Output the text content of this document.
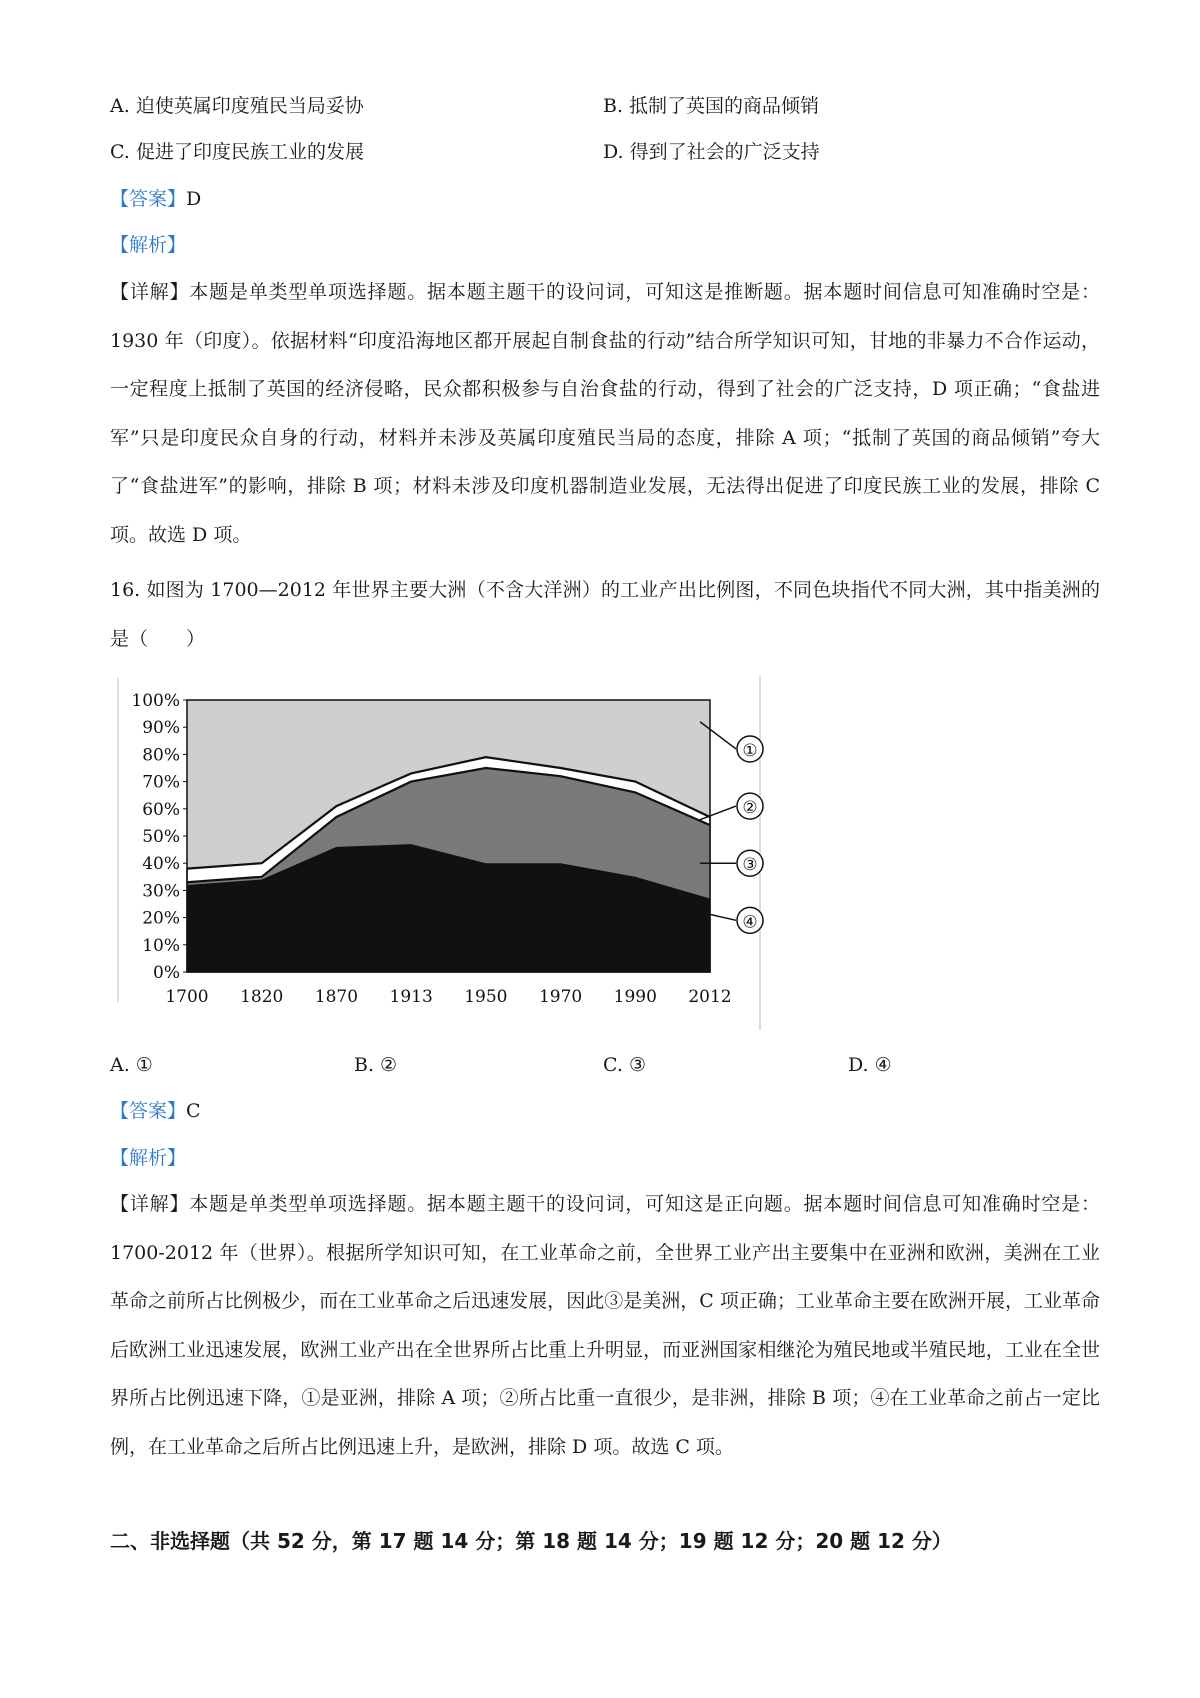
A. 迫使英属印度殖民当局妥协	B. 抵制了英国的商品倾销
C. 促进了印度民族工业的发展	D. 得到了社会的广泛支持
【答案】D
【解析】
【详解】本题是单类型单项选择题。据本题主题干的设问词，可知这是推断题。据本题时间信息可知准确时空是：1930 年（印度）。依据材料“印度沿海地区都开展起自制食盐的行动”结合所学知识可知，甘地的非暴力不合作运动，一定程度上抵制了英国的经济侵略，民众都积极参与自治食盐的行动，得到了社会的广泛支持，D 项正确；“食盐进军”只是印度民众自身的行动，材料并未涉及英属印度殖民当局的态度，排除 A 项；“抵制了英国的商品倾销”夸大了“食盐进军”的影响，排除 B 项；材料未涉及印度机器制造业发展，无法得出促进了印度民族工业的发展，排除 C 项。故选 D 项。
16. 如图为 1700—2012 年世界主要大洲（不含大洋洲）的工业产出比例图，不同色块指代不同大洲，其中指美洲的是（　　）
0%
10%
20%
30%
40%
50%
60%
70%
80%
90%
100%
1700 1820 1870 1913 1950 1970 1990 2012
①
②
③
④
A. ①	B. ②	C. ③	D. ④
【答案】C
【解析】
【详解】本题是单类型单项选择题。据本题主题干的设问词，可知这是正向题。据本题时间信息可知准确时空是：1700-2012 年（世界）。根据所学知识可知，在工业革命之前，全世界工业产出主要集中在亚洲和欧洲，美洲在工业革命之前所占比例极少，而在工业革命之后迅速发展，因此③是美洲，C 项正确；工业革命主要在欧洲开展，工业革命后欧洲工业迅速发展，欧洲工业产出在全世界所占比重上升明显，而亚洲国家相继沦为殖民地或半殖民地，工业在全世界所占比例迅速下降，①是亚洲，排除 A 项；②所占比重一直很少，是非洲，排除 B 项；④在工业革命之前占一定比例，在工业革命之后所占比例迅速上升，是欧洲，排除 D 项。故选 C 项。
二、非选择题（共 52 分，第 17 题 14 分；第 18 题 14 分；19 题 12 分；20 题 12 分）
